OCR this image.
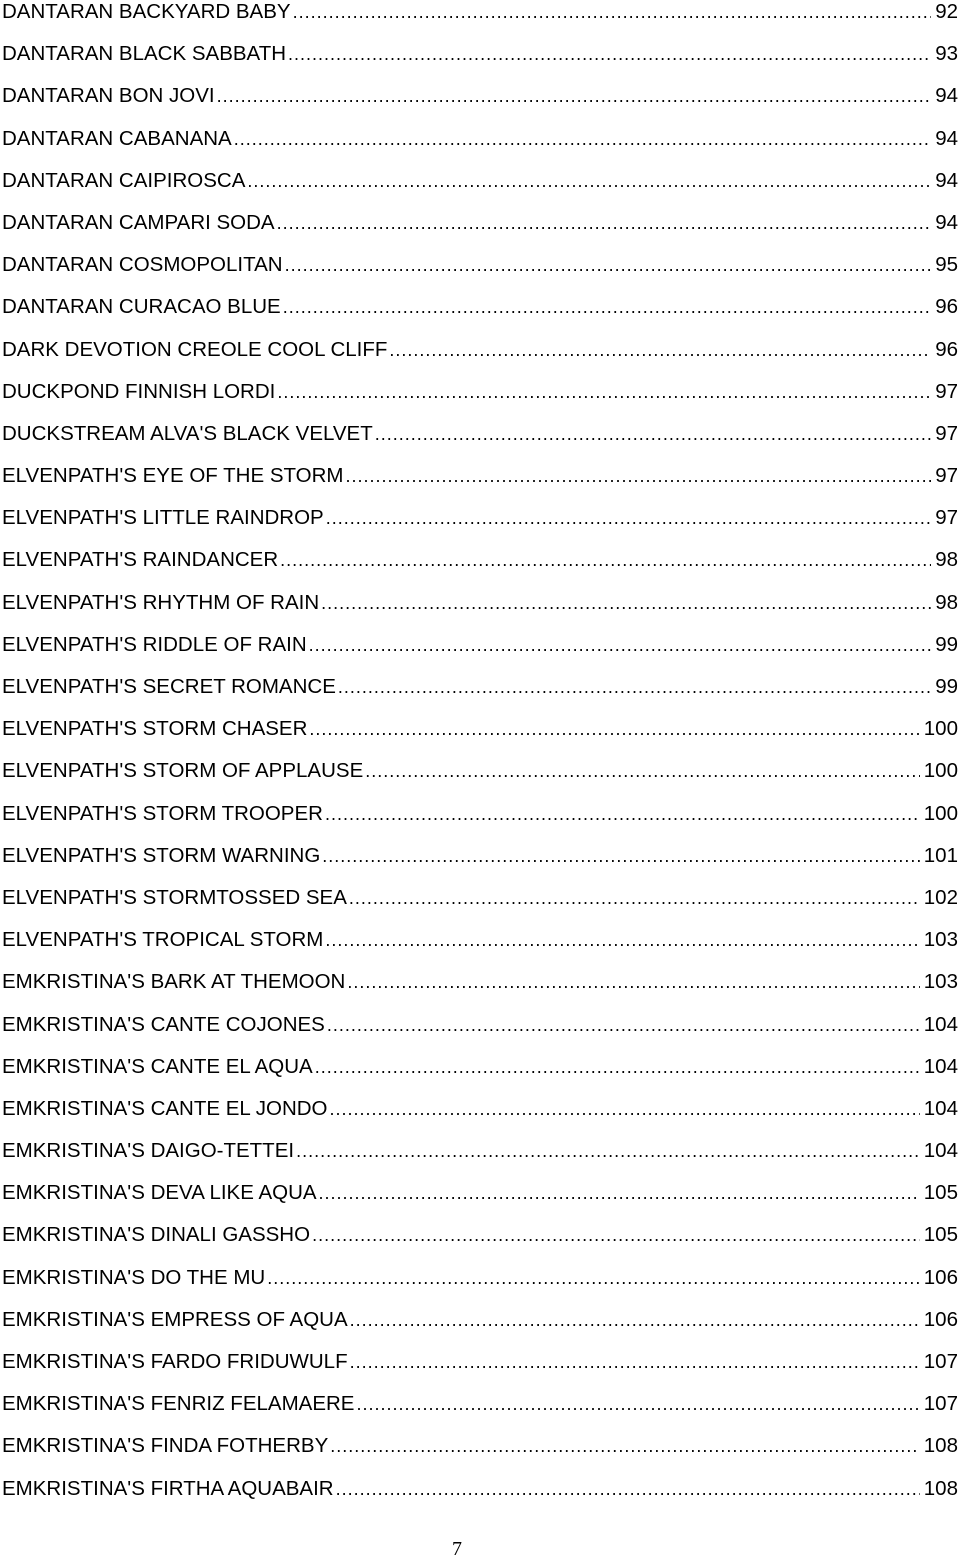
DANTARAN BACKYARD BABY .....	92
DANTARAN BLACK SABBATH .....	93
DANTARAN BON JOVI .....	94
DANTARAN CABANANA .....	94
DANTARAN CAIPIROSCA .....	94
DANTARAN CAMPARI SODA .....	94
DANTARAN COSMOPOLITAN .....	95
DANTARAN CURACAO BLUE .....	96
DARK DEVOTION CREOLE COOL CLIFF .....	96
DUCKPOND FINNISH LORDI .....	97
DUCKSTREAM ALVA'S BLACK VELVET .....	97
ELVENPATH'S EYE OF THE STORM .....	97
ELVENPATH'S LITTLE RAINDROP .....	97
ELVENPATH'S RAINDANCER .....	98
ELVENPATH'S RHYTHM OF RAIN .....	98
ELVENPATH'S RIDDLE OF RAIN .....	99
ELVENPATH'S SECRET ROMANCE .....	99
ELVENPATH'S STORM CHASER .....	100
ELVENPATH'S STORM OF APPLAUSE .....	100
ELVENPATH'S STORM TROOPER .....	100
ELVENPATH'S STORM WARNING .....	101
ELVENPATH'S STORMTOSSED SEA .....	102
ELVENPATH'S TROPICAL STORM .....	103
EMKRISTINA'S BARK AT THEMOON .....	103
EMKRISTINA'S CANTE COJONES .....	104
EMKRISTINA'S CANTE EL AQUA .....	104
EMKRISTINA'S CANTE EL JONDO .....	104
EMKRISTINA'S DAIGO-TETTEI .....	104
EMKRISTINA'S DEVA LIKE AQUA .....	105
EMKRISTINA'S DINALI GASSHO .....	105
EMKRISTINA'S DO THE MU .....	106
EMKRISTINA'S EMPRESS OF AQUA .....	106
EMKRISTINA'S FARDO FRIDUWULF .....	107
EMKRISTINA'S FENRIZ FELAMAERE .....	107
EMKRISTINA'S FINDA FOTHERBY .....	108
EMKRISTINA'S FIRTHA AQUABAIR .....	108
7
